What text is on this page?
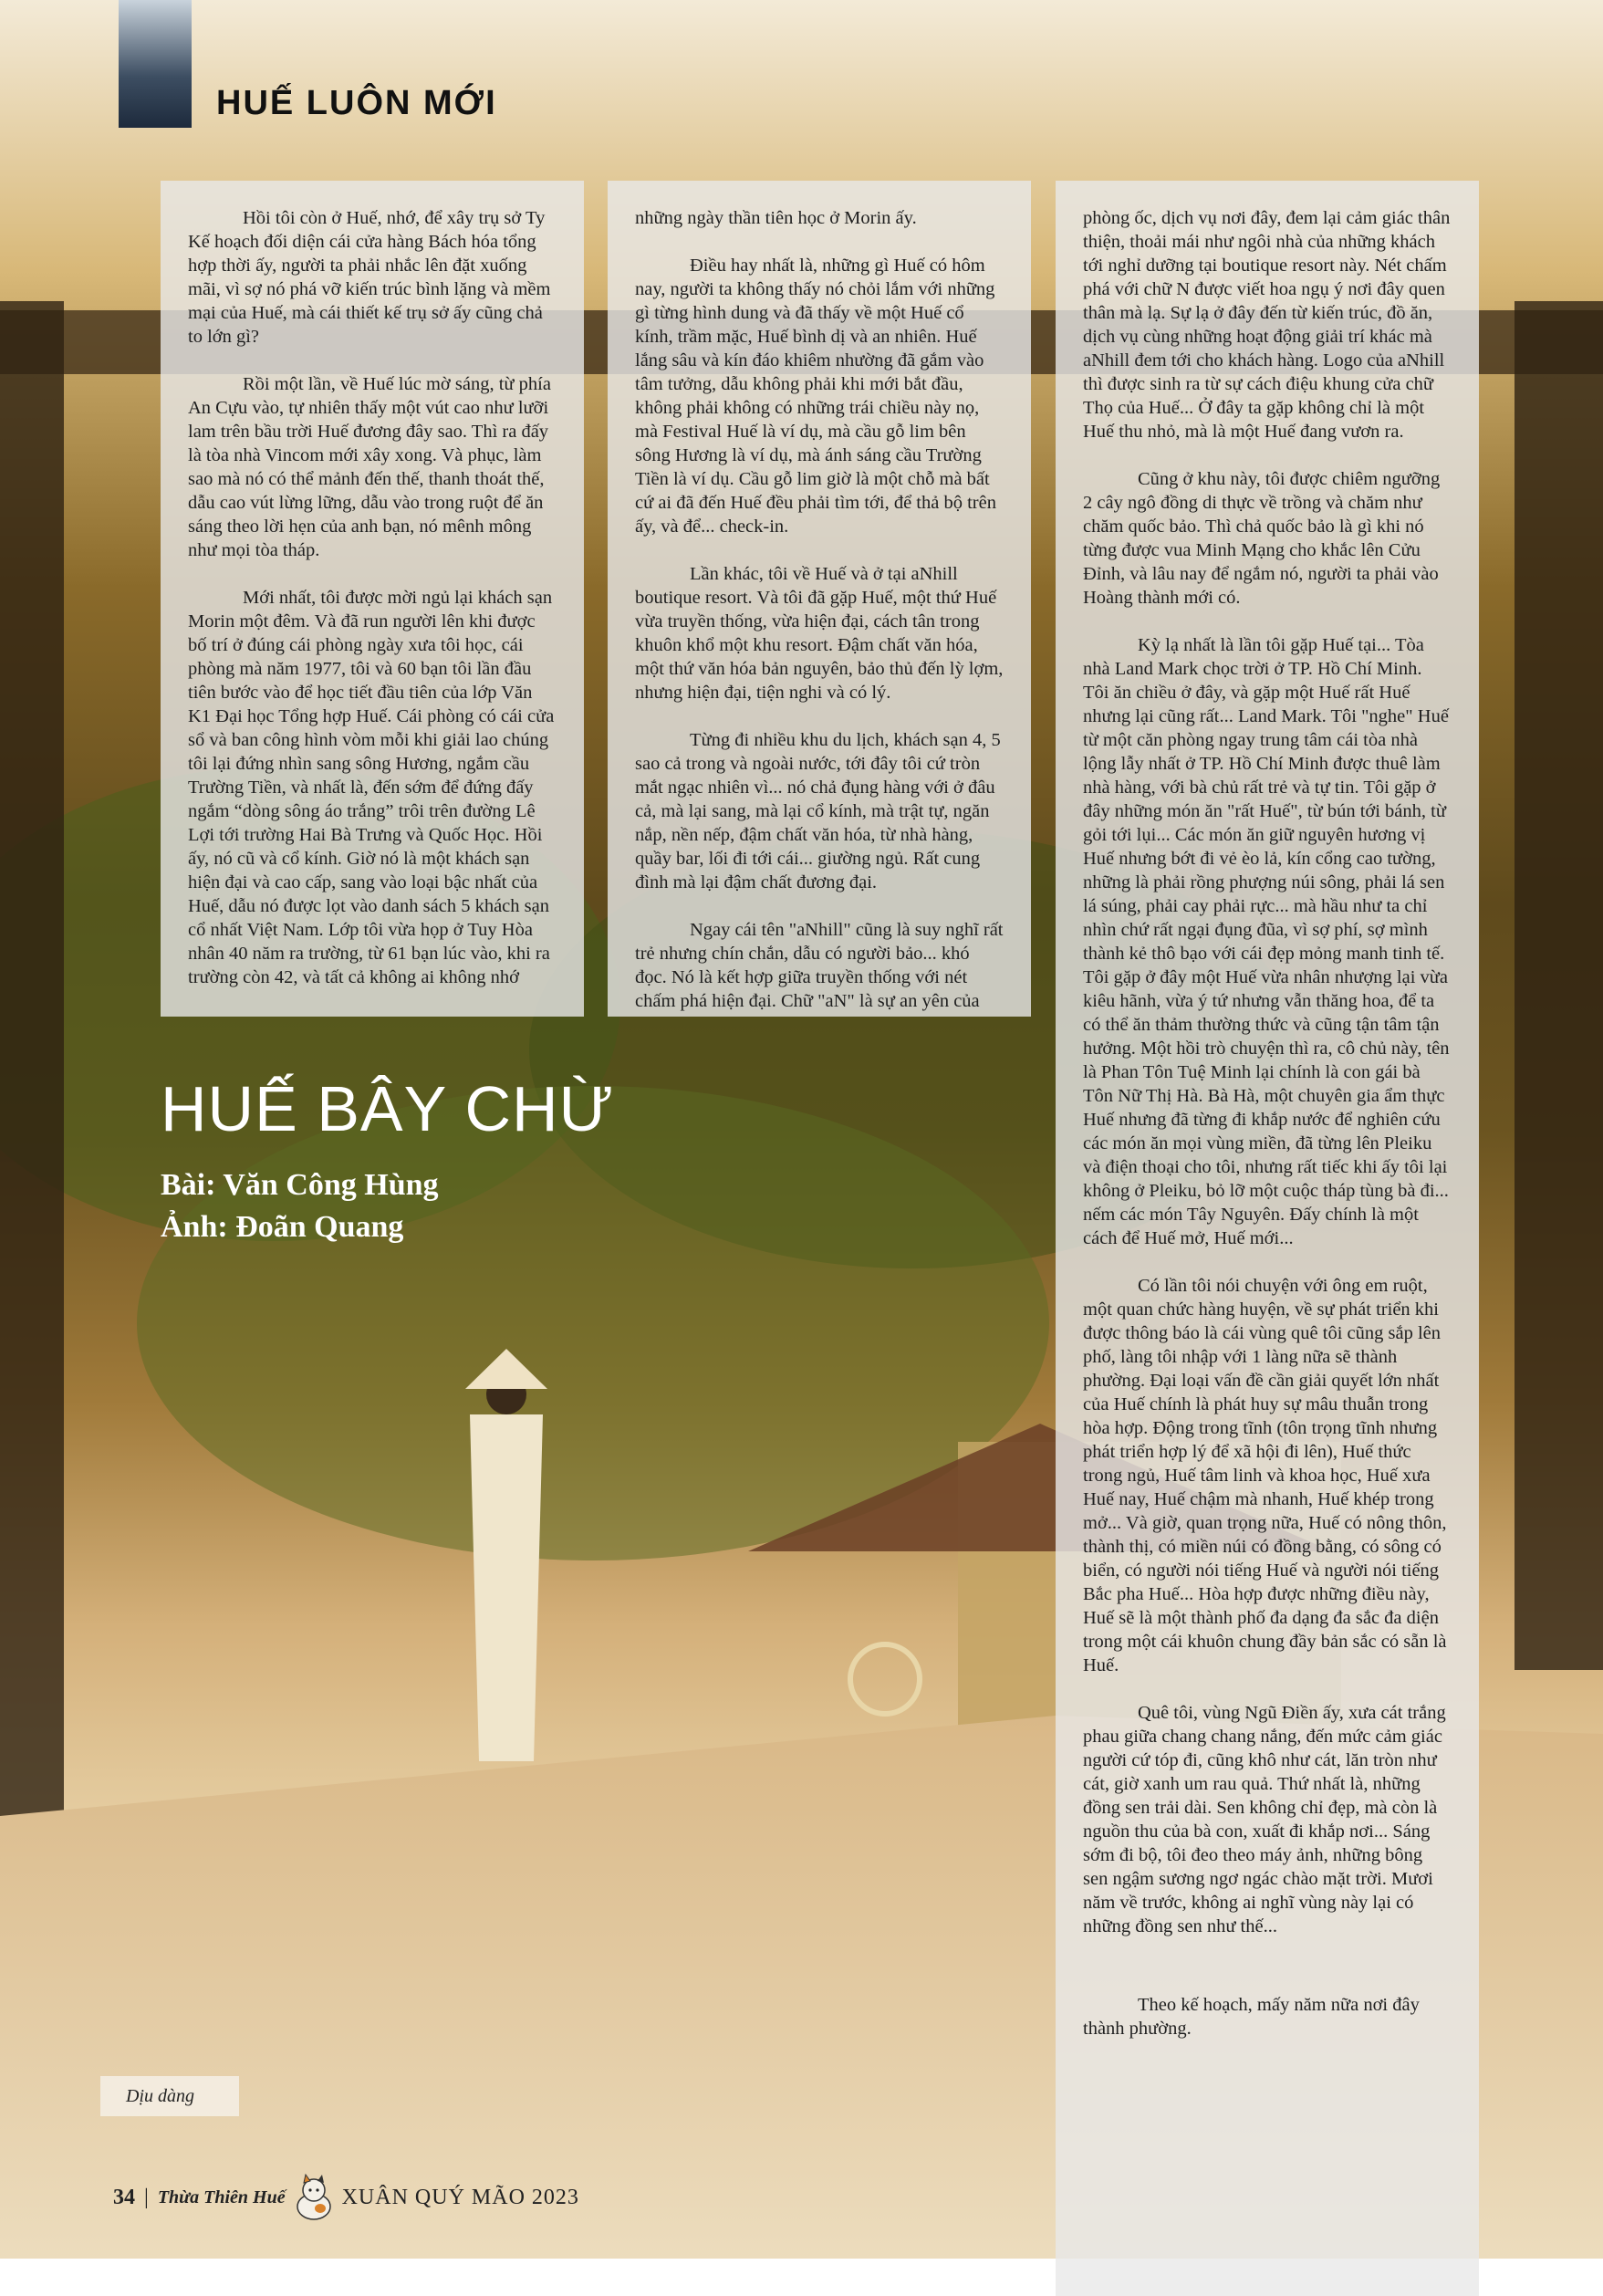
HUẾ LUÔN MỚI

Hồi tôi còn ở Huế, nhớ, để xây trụ sở Ty Kế hoạch đối diện cái cửa hàng Bách hóa tổng hợp thời ấy, người ta phải nhắc lên đặt xuống mãi, vì sợ nó phá vỡ kiến trúc bình lặng và mềm mại của Huế, mà cái thiết kế trụ sở ấy cũng chả to lớn gì?

Rồi một lần, về Huế lúc mờ sáng, từ phía An Cựu vào, tự nhiên thấy một vút cao như lưỡi lam trên bầu trời Huế đương đây sao. Thì ra đấy là tòa nhà Vincom mới xây xong. Và phục, làm sao mà nó có thể mảnh đến thế, thanh thoát thế, dẫu cao vút lừng lững, dẫu vào trong ruột để ăn sáng theo lời hẹn của anh bạn, nó mênh mông như mọi tòa tháp.

Mới nhất, tôi được mời ngủ lại khách sạn Morin một đêm. Và đã run người lên khi được bố trí ở đúng cái phòng ngày xưa tôi học, cái phòng mà năm 1977, tôi và 60 bạn tôi lần đầu tiên bước vào để học tiết đầu tiên của lớp Văn K1 Đại học Tổng hợp Huế. Cái phòng có cái cửa sổ và ban công hình vòm mỗi khi giải lao chúng tôi lại đứng nhìn sang sông Hương, ngắm cầu Trường Tiền, và nhất là, đến sớm để đứng đấy ngắm “dòng sông áo trắng” trôi trên đường Lê Lợi tới trường Hai Bà Trưng và Quốc Học. Hồi ấy, nó cũ và cổ kính. Giờ nó là một khách sạn hiện đại và cao cấp, sang vào loại bậc nhất của Huế, dẫu nó được lọt vào danh sách 5 khách sạn cổ nhất Việt Nam. Lớp tôi vừa họp ở Tuy Hòa nhân 40 năm ra trường, từ 61 bạn lúc vào, khi ra trường còn 42, và tất cả không ai không nhớ

những ngày thần tiên học ở Morin ấy.

Điều hay nhất là, những gì Huế có hôm nay, người ta không thấy nó chỏi lắm với những gì từng hình dung và đã thấy về một Huế cổ kính, trầm mặc, Huế bình dị và an nhiên. Huế lắng sâu và kín đáo khiêm nhường đã gắm vào tâm tưởng, dẫu không phải khi mới bắt đầu, không phải không có những trái chiều này nọ, mà Festival Huế là ví dụ, mà cầu gỗ lim bên sông Hương là ví dụ, mà ánh sáng cầu Trường Tiền là ví dụ. Cầu gỗ lim giờ là một chỗ mà bất cứ ai đã đến Huế đều phải tìm tới, để thả bộ trên ấy, và để... check-in.

Lần khác, tôi về Huế và ở tại aNhill boutique resort. Và tôi đã gặp Huế, một thứ Huế vừa truyền thống, vừa hiện đại, cách tân trong khuôn khổ một khu resort. Đậm chất văn hóa, một thứ văn hóa bản nguyên, bảo thủ đến lỳ lợm, nhưng hiện đại, tiện nghi và có lý.

Từng đi nhiều khu du lịch, khách sạn 4, 5 sao cả trong và ngoài nước, tới đây tôi cứ tròn mắt ngạc nhiên vì... nó chả đụng hàng với ở đâu cả, mà lại sang, mà lại cổ kính, mà trật tự, ngăn nắp, nền nếp, đậm chất văn hóa, từ nhà hàng, quầy bar, lối đi tới cái... giường ngủ. Rất cung đình mà lại đậm chất đương đại.

Ngay cái tên "aNhill" cũng là suy nghĩ rất trẻ nhưng chín chắn, dẫu có người bảo... khó đọc. Nó là kết hợp giữa truyền thống với nét chấm phá hiện đại. Chữ "aN" là sự an yên của

phòng ốc, dịch vụ nơi đây, đem lại cảm giác thân thiện, thoải mái như ngôi nhà của những khách tới nghỉ dưỡng tại boutique resort này. Nét chấm phá với chữ N được viết hoa ngụ ý nơi đây quen thân mà lạ. Sự lạ ở đây đến từ kiến trúc, đồ ăn, dịch vụ cùng những hoạt động giải trí khác mà aNhill đem tới cho khách hàng. Logo của aNhill thì được sinh ra từ sự cách điệu khung cửa chữ Thọ của Huế... Ở đây ta gặp không chỉ là một Huế thu nhỏ, mà là một Huế đang vươn ra.

Cũng ở khu này, tôi được chiêm ngưỡng 2 cây ngô đồng di thực về trồng và chăm như chăm quốc bảo. Thì chả quốc bảo là gì khi nó từng được vua Minh Mạng cho khắc lên Cửu Đỉnh, và lâu nay để ngắm nó, người ta phải vào Hoàng thành mới có.

Kỳ lạ nhất là lần tôi gặp Huế tại... Tòa nhà Land Mark chọc trời ở TP. Hồ Chí Minh. Tôi ăn chiều ở đây, và gặp một Huế rất Huế nhưng lại cũng rất... Land Mark. Tôi "nghe" Huế từ một căn phòng ngay trung tâm cái tòa nhà lộng lẫy nhất ở TP. Hồ Chí Minh được thuê làm nhà hàng, với bà chủ rất trẻ và tự tin. Tôi gặp ở đây những món ăn "rất Huế", từ bún tới bánh, từ gỏi tới lụi... Các món ăn giữ nguyên hương vị Huế nhưng bớt đi vẻ èo lả, kín cổng cao tường, những là phải rồng phượng núi sông, phải lá sen lá súng, phải cay phải rực... mà hầu như ta chỉ nhìn chứ rất ngại đụng đũa, vì sợ phí, sợ mình thành kẻ thô bạo với cái đẹp mỏng manh tinh tế. Tôi gặp ở đây một Huế vừa nhân nhượng lại vừa kiêu hãnh, vừa ý tứ nhưng vẫn thăng hoa, để ta có thể ăn thảm thường thức và cũng tận tâm tận hưởng. Một hồi trò chuyện thì ra, cô chủ này, tên là Phan Tôn Tuệ Minh lại chính là con gái bà Tôn Nữ Thị Hà. Bà Hà, một chuyên gia ẩm thực Huế nhưng đã từng đi khắp nước để nghiên cứu các món ăn mọi vùng miền, đã từng lên Pleiku và điện thoại cho tôi, nhưng rất tiếc khi ấy tôi lại không ở Pleiku, bỏ lỡ một cuộc tháp tùng bà đi... nếm các món Tây Nguyên. Đấy chính là một cách để Huế mở, Huế mới...

Có lần tôi nói chuyện với ông em ruột, một quan chức hàng huyện, về sự phát triển khi được thông báo là cái vùng quê tôi cũng sắp lên phố, làng tôi nhập với 1 làng nữa sẽ thành phường. Đại loại vấn đề cần giải quyết lớn nhất của Huế chính là phát huy sự mâu thuẫn trong hòa hợp. Động trong tĩnh (tôn trọng tĩnh nhưng phát triển hợp lý để xã hội đi lên), Huế thức trong ngủ, Huế tâm linh và khoa học, Huế xưa Huế nay, Huế chậm mà nhanh, Huế khép trong mở... Và giờ, quan trọng nữa, Huế có nông thôn, thành thị, có miền núi có đồng bằng, có sông có biển, có người nói tiếng Huế và người nói tiếng Bắc pha Huế... Hòa hợp được những điều này, Huế sẽ là một thành phố đa dạng đa sắc đa diện trong một cái khuôn chung đầy bản sắc có sẵn là Huế.

Quê tôi, vùng Ngũ Điền ấy, xưa cát trắng phau giữa chang chang nắng, đến mức cảm giác người cứ tóp đi, cũng khô như cát, lăn tròn như cát, giờ xanh um rau quả. Thứ nhất là, những đồng sen trải dài. Sen không chỉ đẹp, mà còn là nguồn thu của bà con, xuất đi khắp nơi... Sáng sớm đi bộ, tôi đeo theo máy ảnh, những bông sen ngậm sương ngơ ngác chào mặt trời. Mươi năm về trước, không ai nghĩ vùng này lại có những đồng sen như thế...

Theo kế hoạch, mấy năm nữa nơi đây thành phường.

HUẾ BÂY CHỪ
Bài: Văn Công Hùng
Ảnh: Đoãn Quang
Dịu dàng
34 | Thừa Thiên Huế	XUÂN QUÝ MÃO 2023
